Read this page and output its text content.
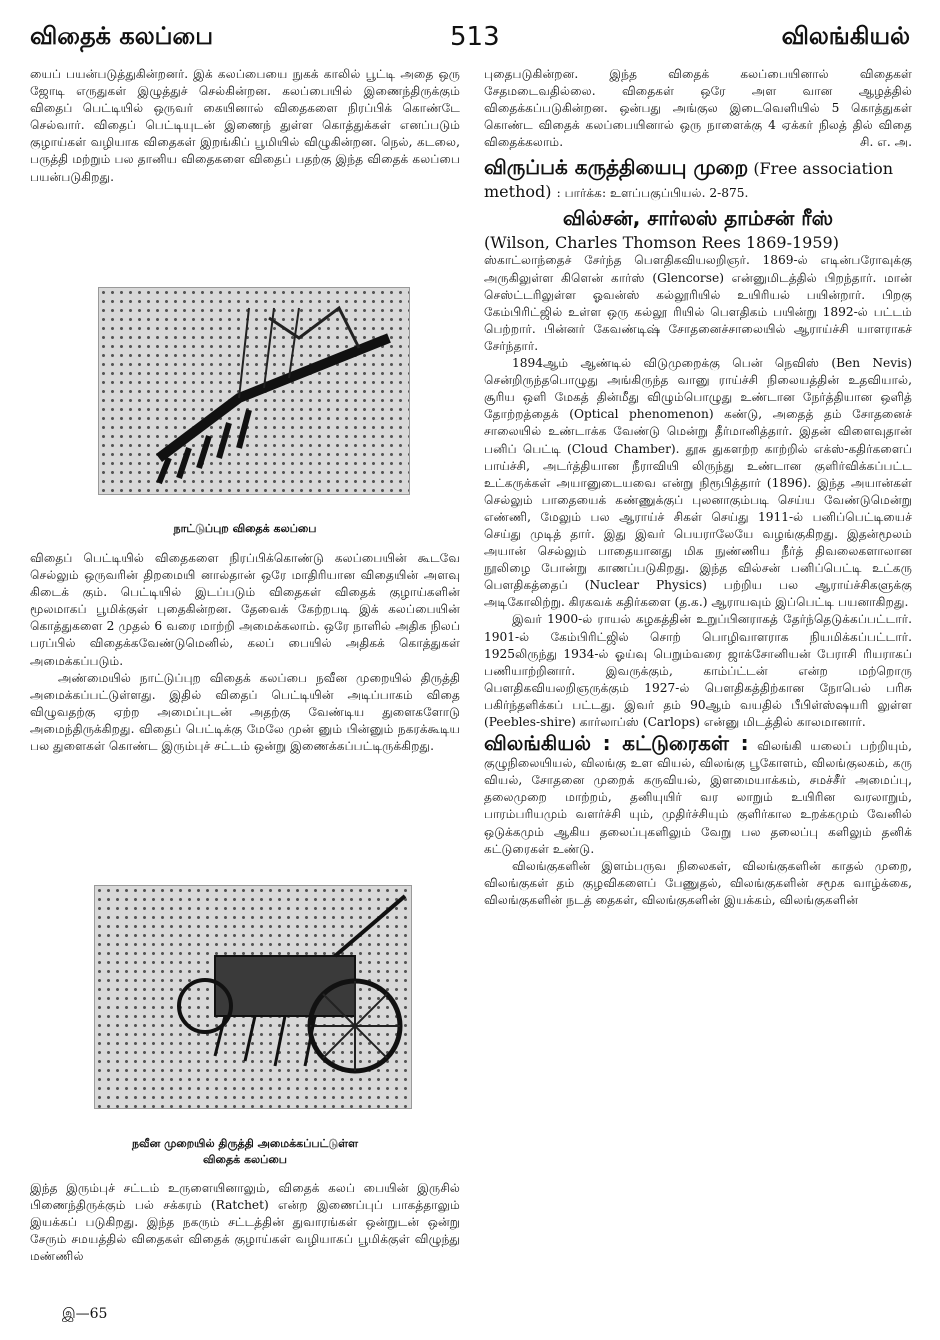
விதைக் கலப்பை	513	விலங்கியல்

யைப் பயன்படுத்துகின்றனர். இக் கலப்பையை நுகக் காலில் பூட்டி அதை ஒரு ஜோடி எருதுகள் இழுத்துச் செல்கின்றன. கலப்பையில் இணைந்திருக்கும் விதைப் பெட்டியில் ஒருவர் கையினால் விதைகளை நிரப்பிக் கொண்டே செல்வார். விதைப் பெட்டியுடன் இணைந் துள்ள கொத்துக்கள் எனப்படும் குழாய்கள் வழியாக விதைகள் இறங்கிப் பூமியில் விழுகின்றன. நெல், கடலை, பருத்தி மற்றும் பல தானிய விதைகளை விதைப் பதற்கு இந்த விதைக் கலப்பை பயன்படுகிறது.

நாட்டுப்புற விதைக் கலப்பை

விதைப் பெட்டியில் விதைகளை நிரப்பிக்கொண்டு கலப்பையின் கூடவே செல்லும் ஒருவரின் திறமையி னால்தான் ஒரே மாதிரியான விதையின் அளவு கிடைக் கும். பெட்டியில் இடப்படும் விதைகள் விதைக் குழாய்களின் மூலமாகப் பூமிக்குள் புதைகின்றன. தேவைக் கேற்றபடி இக் கலப்பையின் கொத்துகளை 2 முதல் 6 வரை மாற்றி அமைக்கலாம். ஒரே நாளில் அதிக நிலப் பரப்பில் விதைக்கவேண்டுமெனில், கலப் பையில் அதிகக் கொத்துகள் அமைக்கப்படும்.

அண்மையில் நாட்டுப்புற விதைக் கலப்பை நவீன முறையில் திருத்தி அமைக்கப்பட்டுள்ளது. இதில் விதைப் பெட்டியின் அடிப்பாகம் விதை விழுவதற்கு ஏற்ற அமைப்புடன் அதற்கு வேண்டிய துளைகளோடு அமைந்திருக்கிறது. விதைப் பெட்டிக்கு மேலே முன் னும் பின்னும் நகரக்கூடிய பல துளைகள் கொண்ட இரும்புச் சட்டம் ஒன்று இணைக்கப்பட்டிருக்கிறது.

நவீன முறையில் திருத்தி அமைக்கப்பட்டுள்ள
விதைக் கலப்பை

இந்த இரும்புச் சட்டம் உருளையினாலும், விதைக் கலப் பையின் இருசில் பிணைந்திருக்கும் பல் சக்கரம் (Ratchet) என்ற இணைப்புப் பாகத்தாலும் இயக்கப் படுகிறது. இந்த நகரும் சட்டத்தின் துவாரங்கள் ஒன்றுடன் ஒன்று சேரும் சமயத்தில் விதைகள் விதைக் குழாய்கள் வழியாகப் பூமிக்குள் விழுந்து மண்ணில்

புதைபடுகின்றன. இந்த விதைக் கலப்பையினால் விதைகள் சேதமடைவதில்லை. விதைகள் ஒரே அள வான ஆழத்தில் விதைக்கப்படுகின்றன. ஒன்பது அங்குல இடைவெளியில் 5 கொத்துகள் கொண்ட விதைக் கலப்பையினால் ஒரு நாளைக்கு 4 ஏக்கர் நிலத் தில் விதை விதைக்கலாம்.	சி. எ. அ.

விருப்பக் கருத்தியைபு முறை (Free association method) : பார்க்க: உளப்பகுப்பியல். 2-875.
வில்சன், சார்லஸ் தாம்சன் ரீஸ்
(Wilson, Charles Thomson Rees 1869-1959)

ஸ்காட்லாந்தைச் சேர்ந்த பௌதிகவியலறிஞர். 1869-ல் எடின்பரோவுக்கு அருகிலுள்ள கிளென் கார்ஸ் (Glencorse) என்னுமிடத்தில் பிறந்தார். மான் செஸ்ட்டரிலுள்ள ஓவன்ஸ் கல்லூரியில் உயிரியல் பயின்றார். பிறகு கேம்பிரிட்ஜில் உள்ள ஒரு கல்லூ ரியில் பௌதிகம் பயின்று 1892-ல் பட்டம் பெற்றார். பின்னர் கேவண்டிஷ் சோதனைச்சாலையில் ஆராய்ச்சி யாளராகச் சேர்ந்தார்.

1894ஆம் ஆண்டில் விடுமுறைக்கு பென் நெவிஸ் (Ben Nevis) சென்றிருந்தபொழுது அங்கிருந்த வானு ராய்ச்சி நிலையத்தின் உதவியால், சூரிய ஒளி மேகத் தின்மீது விழும்பொழுது உண்டான நேர்த்தியான ஒளித் தோற்றத்தைக் (Optical phenomenon) கண்டு, அதைத் தம் சோதனைச் சாலையில் உண்டாக்க வேண்டு மென்று தீர்மானித்தார். இதன் விளைவுதான் பனிப் பெட்டி (Cloud Chamber). தூசு துகளற்ற காற்றில் எக்ஸ்-கதிர்களைப் பாய்ச்சி, அடர்த்தியான நீராவியி லிருந்து உண்டான குளிர்விக்கப்பட்ட உட்கருக்கள் அயானுடையவை என்று நிரூபித்தார் (1896). இந்த அயான்கள் செல்லும் பாதையைக் கண்ணுக்குப் புலனாகும்படி செய்ய வேண்டுமென்று எண்ணி, மேலும் பல ஆராய்ச் சிகள் செய்து 1911-ல் பனிப்பெட்டியைச் செய்து முடித் தார். இது இவர் பெயராலேயே வழங்குகிறது. இதன்மூலம் அயான் செல்லும் பாதையானது மிக நுண்ணிய நீர்த் திவலைகளாலான நூலிழை போன்று காணப்படுகிறது. இந்த வில்சன் பனிப்பெட்டி உட்கரு பௌதிகத்தைப் (Nuclear Physics) பற்றிய பல ஆராய்ச்சிகளுக்கு அடிகோலிற்று. கிரகவக் கதிர்களை (த.க.) ஆராயவும் இப்பெட்டி பயனாகிறது.

இவர் 1900-ல் ராயல் கழகத்தின் உறுப்பினராகத் தேர்ந்தெடுக்கப்பட்டார். 1901-ல் கேம்பிரிட்ஜில் சொற் பொழிவாளராக நியமிக்கப்பட்டார். 1925லிருந்து 1934-ல் ஓய்வு பெறும்வரை ஜாக்சோனியன் பேராசி ரியராகப் பணியாற்றினார். இவருக்கும், காம்ப்ட்டன் என்ற மற்றொரு பௌதிகவியலறிஞருக்கும் 1927-ல் பௌதிகத்திற்கான நோபெல் பரிசு பகிர்ந்தளிக்கப் பட்டது. இவர் தம் 90ஆம் வயதில் பீபிள்ஸ்ஷயரி லுள்ள (Peebles-shire) கார்லாப்ஸ் (Carlops) என்னு மிடத்தில் காலமானார்.

விலங்கியல் : கட்டுரைகள் : விலங்கி யலைப் பற்றியும், குழுநிலையியல், விலங்கு உள வியல், விலங்கு பூகோளம், விலங்குலகம், கரு வியல், சோதனை முறைக் கருவியல், இளமையாக்கம், சமச்சீர் அமைப்பு, தலைமுறை மாற்றம், தனியுயிர் வர லாறும் உயிரின வரலாறும், பாரம்பரியமும் வளர்ச்சி யும், முதிர்ச்சியும் குளிர்கால உறக்கமும் வேனில் ஒடுக்கமும் ஆகிய தலைப்புகளிலும் வேறு பல தலைப்பு களிலும் தனிக் கட்டுரைகள் உண்டு.

விலங்குகளின் இளம்பருவ நிலைகள், விலங்குகளின் காதல் முறை, விலங்குகள் தம் குழவிகளைப் பேணுதல், விலங்குகளின் சமூக வாழ்க்கை, விலங்குகளின் நடத் தைகள், விலங்குகளின் இயக்கம், விலங்குகளின்

இ—65
